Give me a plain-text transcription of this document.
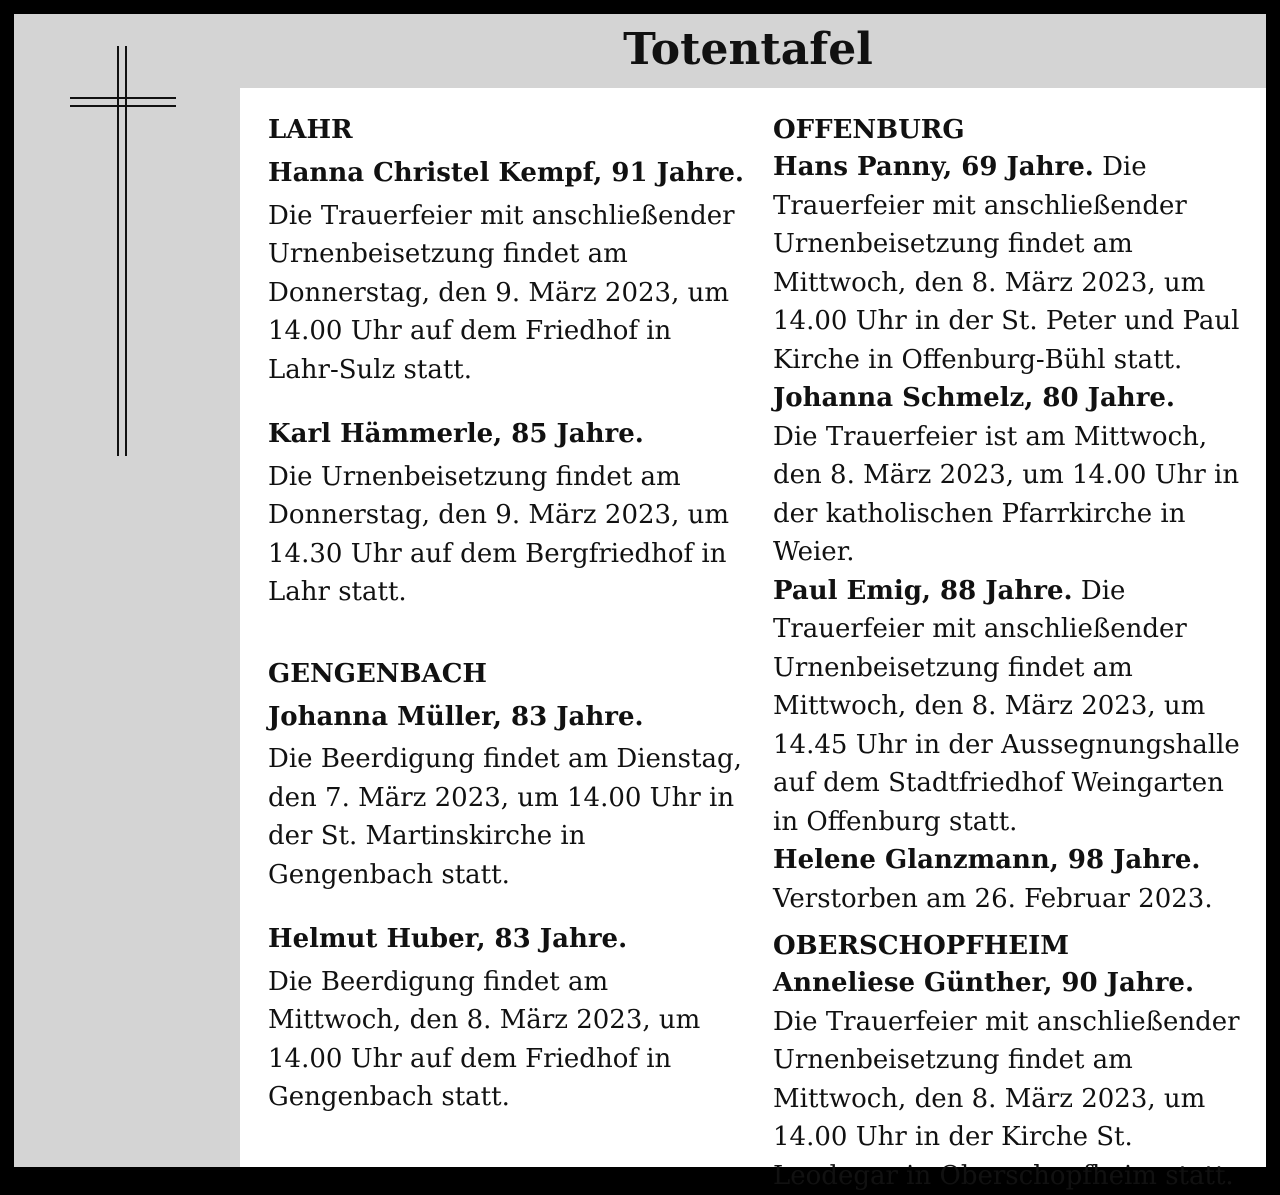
Totentafel
LAHR
Hanna Christel Kempf, 91 Jahre.
Die Trauerfeier mit anschließender Urnenbeisetzung findet am Donnerstag, den 9. März 2023, um 14.00 Uhr auf dem Friedhof in Lahr-Sulz statt.
Karl Hämmerle, 85 Jahre.
Die Urnenbeisetzung findet am Donnerstag, den 9. März 2023, um 14.30 Uhr auf dem Bergfriedhof in Lahr statt.
GENGENBACH
Johanna Müller, 83 Jahre.
Die Beerdigung findet am Dienstag, den 7. März 2023, um 14.00 Uhr in der St. Martinskirche in Gengenbach statt.
Helmut Huber, 83 Jahre.
Die Beerdigung findet am Mittwoch, den 8. März 2023, um 14.00 Uhr auf dem Friedhof in Gengenbach statt.
OFFENBURG
Hans Panny, 69 Jahre. Die Trauerfeier mit anschließender Urnenbeisetzung findet am Mittwoch, den 8. März 2023, um 14.00 Uhr in der St. Peter und Paul Kirche in Offenburg-Bühl statt.
Johanna Schmelz, 80 Jahre.
Die Trauerfeier ist am Mittwoch, den 8. März 2023, um 14.00 Uhr in der katholischen Pfarrkirche in Weier.
Paul Emig, 88 Jahre. Die Trauerfeier mit anschließender Urnenbeisetzung findet am Mittwoch, den 8. März 2023, um 14.45 Uhr in der Aussegnungshalle auf dem Stadtfriedhof Weingarten in Offenburg statt.
Helene Glanzmann, 98 Jahre.
Verstorben am 26. Februar 2023.
OBERSCHOPFHEIM
Anneliese Günther, 90 Jahre.
Die Trauerfeier mit anschließender Urnenbeisetzung findet am Mittwoch, den 8. März 2023, um 14.00 Uhr in der Kirche St. Leodegar in Oberschopfheim statt.
